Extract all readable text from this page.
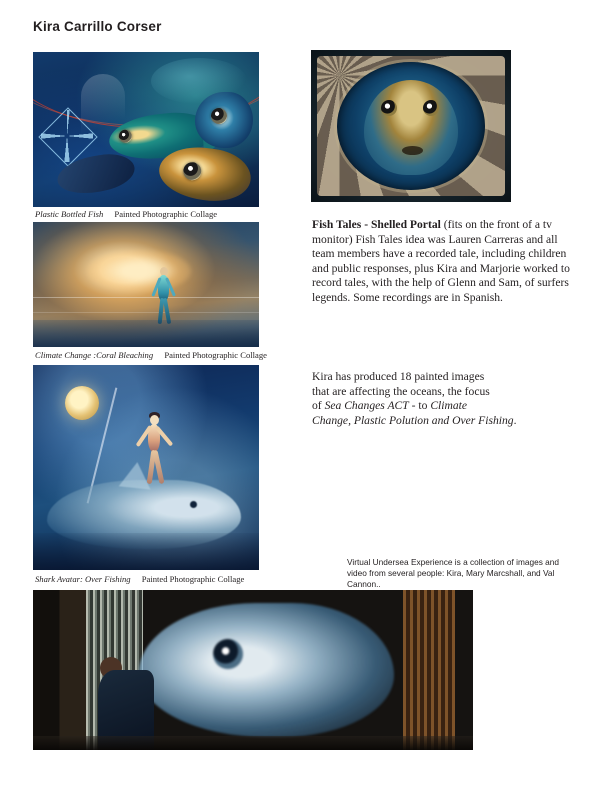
Kira Carrillo Corser
Plastic Bottled Fish Painted Photographic Collage
Fish Tales - Shelled Portal (fits on the front of a tv monitor) Fish Tales idea was Lauren Carreras and all team members have a recorded tale, including children and public responses, plus Kira and Marjorie worked to record tales, with the help of Glenn and Sam, of surfers legends. Some recordings are in Spanish.
Climate Change :Coral Bleaching Painted Photographic Collage
Kira has produced 18 painted images
that are affecting the oceans, the focus
of Sea Changes ACT - to Climate
Change, Plastic Polution and Over Fishing.
Shark Avatar: Over Fishing Painted Photographic Collage
Virtual Undersea Experience is a collection of images and video from several people: Kira, Mary Marcshall, and Val Cannon..
